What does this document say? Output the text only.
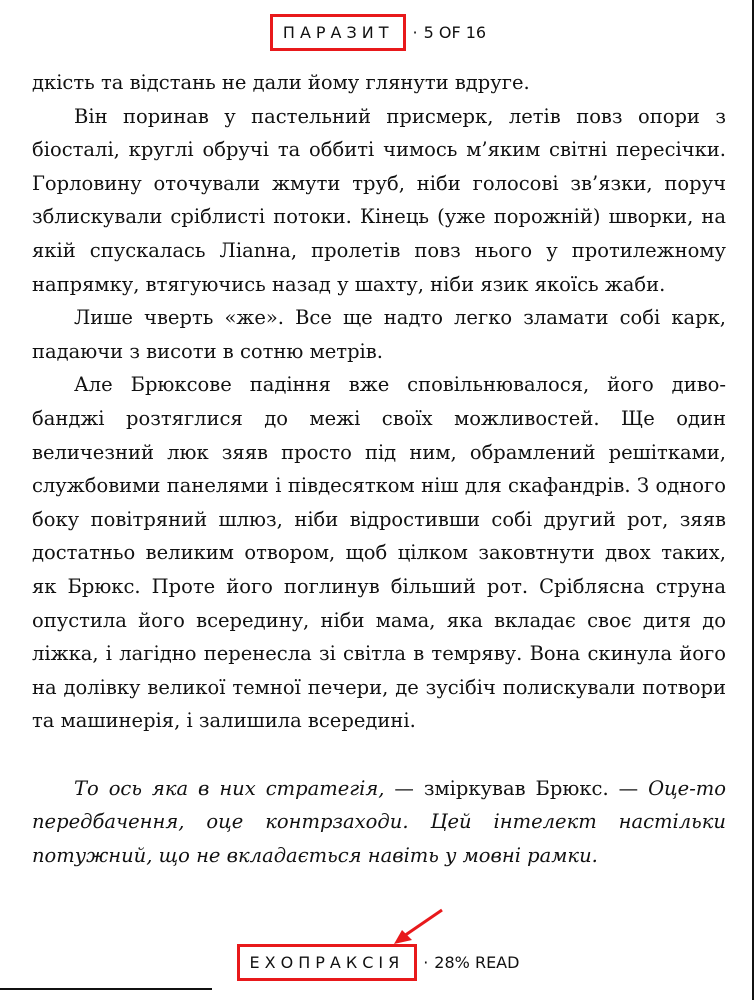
ПАРАЗИТ	· 5 OF 16

дкість та відстань не дали йому глянути вдруге.

Він поринав у пастельний присмерк, летів повз опори з біосталі, круглі обручі та оббиті чимось м’яким світні пересічки. Горловину оточували жмути труб, ніби голосові зв’язки, поруч зблискували сріблисті потоки. Кінець (уже порожній) шворки, на якій спускалась Лianна, пролетів повз нього у протилежному напрямку, втягуючись назад у шахту, ніби язик якоїсь жаби.

Лише чверть «же». Все ще надто легко зламати собі карк, падаючи з висоти в сотню метрів.

Але Брюксове падіння вже сповільнювалося, його диво-банджі розтяглися до межі своїх можливостей. Ще один величезний люк зяяв просто під ним, обрамлений решітками, службовими панелями і півдесятком ніш для скафандрів. З одного боку повітряний шлюз, ніби відростивши собі другий рот, зяяв достатньо великим отвором, щоб цілком заковтнути двох таких, як Брюкс. Проте його поглинув більший рот. Сріблясна струна опустила його всередину, ніби мама, яка вкладає своє дитя до ліжка, і лагідно перенесла зі світла в темряву. Вона скинула його на долівку великої темної печери, де зусібіч полискували потвори та машинерія, і залишила всередині.

То ось яка в них стратегія, — зміркував Брюкс. — Оце-то передбачення, оце контрзаходи. Цей інтелект настільки потужний, що не вкладається навіть у мовні рамки.

ЕХОПРАКСІЯ	· 28% READ
